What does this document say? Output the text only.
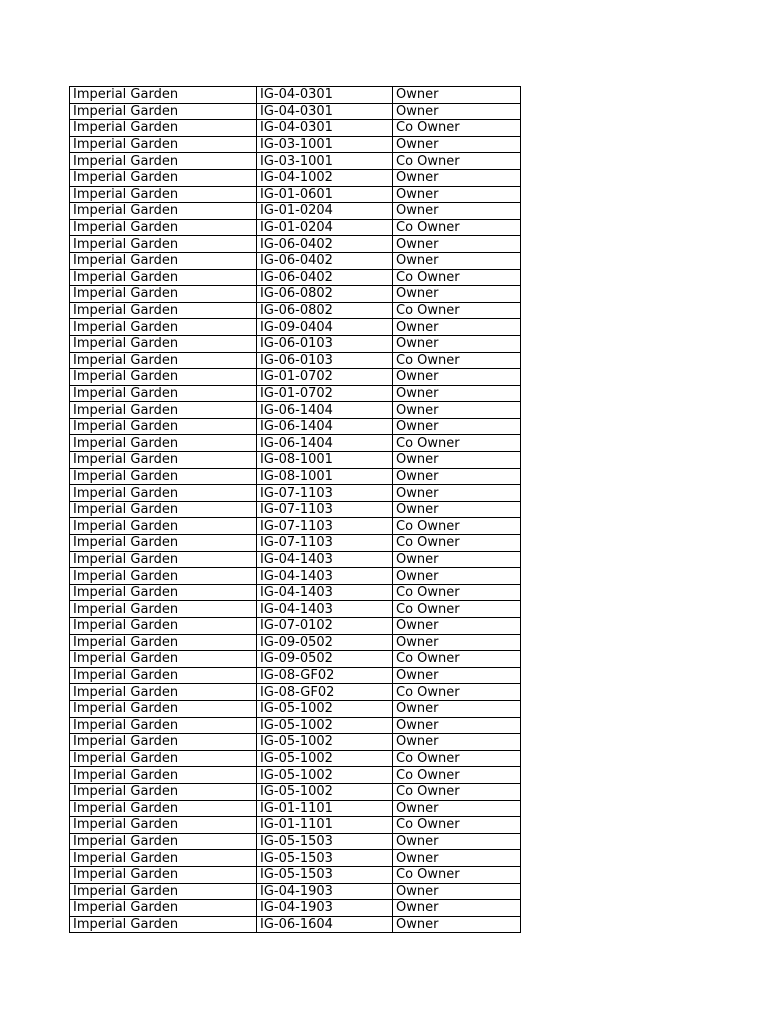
Imperial Garden	IG-04-0301	Owner
Imperial Garden	IG-04-0301	Owner
Imperial Garden	IG-04-0301	Co Owner
Imperial Garden	IG-03-1001	Owner
Imperial Garden	IG-03-1001	Co Owner
Imperial Garden	IG-04-1002	Owner
Imperial Garden	IG-01-0601	Owner
Imperial Garden	IG-01-0204	Owner
Imperial Garden	IG-01-0204	Co Owner
Imperial Garden	IG-06-0402	Owner
Imperial Garden	IG-06-0402	Owner
Imperial Garden	IG-06-0402	Co Owner
Imperial Garden	IG-06-0802	Owner
Imperial Garden	IG-06-0802	Co Owner
Imperial Garden	IG-09-0404	Owner
Imperial Garden	IG-06-0103	Owner
Imperial Garden	IG-06-0103	Co Owner
Imperial Garden	IG-01-0702	Owner
Imperial Garden	IG-01-0702	Owner
Imperial Garden	IG-06-1404	Owner
Imperial Garden	IG-06-1404	Owner
Imperial Garden	IG-06-1404	Co Owner
Imperial Garden	IG-08-1001	Owner
Imperial Garden	IG-08-1001	Owner
Imperial Garden	IG-07-1103	Owner
Imperial Garden	IG-07-1103	Owner
Imperial Garden	IG-07-1103	Co Owner
Imperial Garden	IG-07-1103	Co Owner
Imperial Garden	IG-04-1403	Owner
Imperial Garden	IG-04-1403	Owner
Imperial Garden	IG-04-1403	Co Owner
Imperial Garden	IG-04-1403	Co Owner
Imperial Garden	IG-07-0102	Owner
Imperial Garden	IG-09-0502	Owner
Imperial Garden	IG-09-0502	Co Owner
Imperial Garden	IG-08-GF02	Owner
Imperial Garden	IG-08-GF02	Co Owner
Imperial Garden	IG-05-1002	Owner
Imperial Garden	IG-05-1002	Owner
Imperial Garden	IG-05-1002	Owner
Imperial Garden	IG-05-1002	Co Owner
Imperial Garden	IG-05-1002	Co Owner
Imperial Garden	IG-05-1002	Co Owner
Imperial Garden	IG-01-1101	Owner
Imperial Garden	IG-01-1101	Co Owner
Imperial Garden	IG-05-1503	Owner
Imperial Garden	IG-05-1503	Owner
Imperial Garden	IG-05-1503	Co Owner
Imperial Garden	IG-04-1903	Owner
Imperial Garden	IG-04-1903	Owner
Imperial Garden	IG-06-1604	Owner
